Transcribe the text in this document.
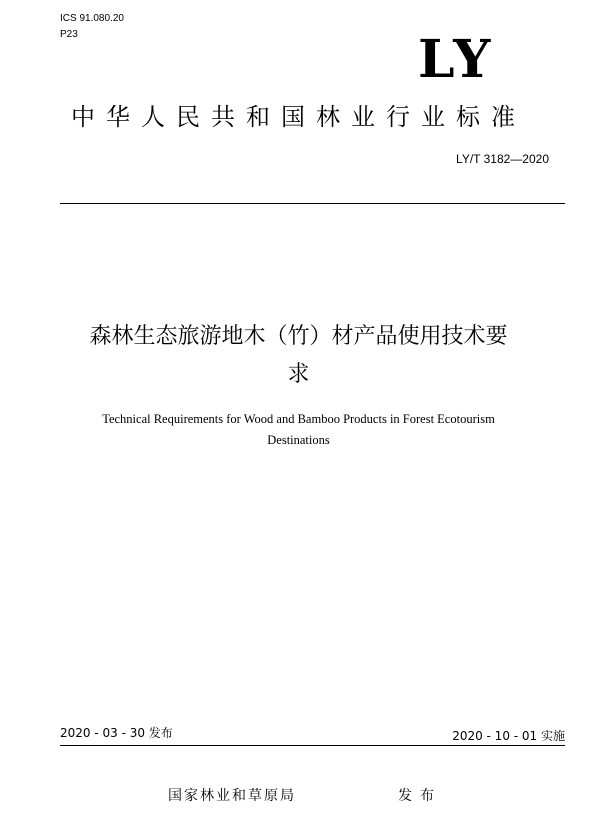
ICS 91.080.20
P23	LY
中华人民共和国林业行业标准
LY/T 3182—2020
森林生态旅游地木（竹）材产品使用技术要
求
Technical Requirements for Wood and Bamboo Products in Forest Ecotourism
Destinations
2020 - 03 - 30 发布	2020 - 10 - 01 实施
国家林业和草原局	发布
